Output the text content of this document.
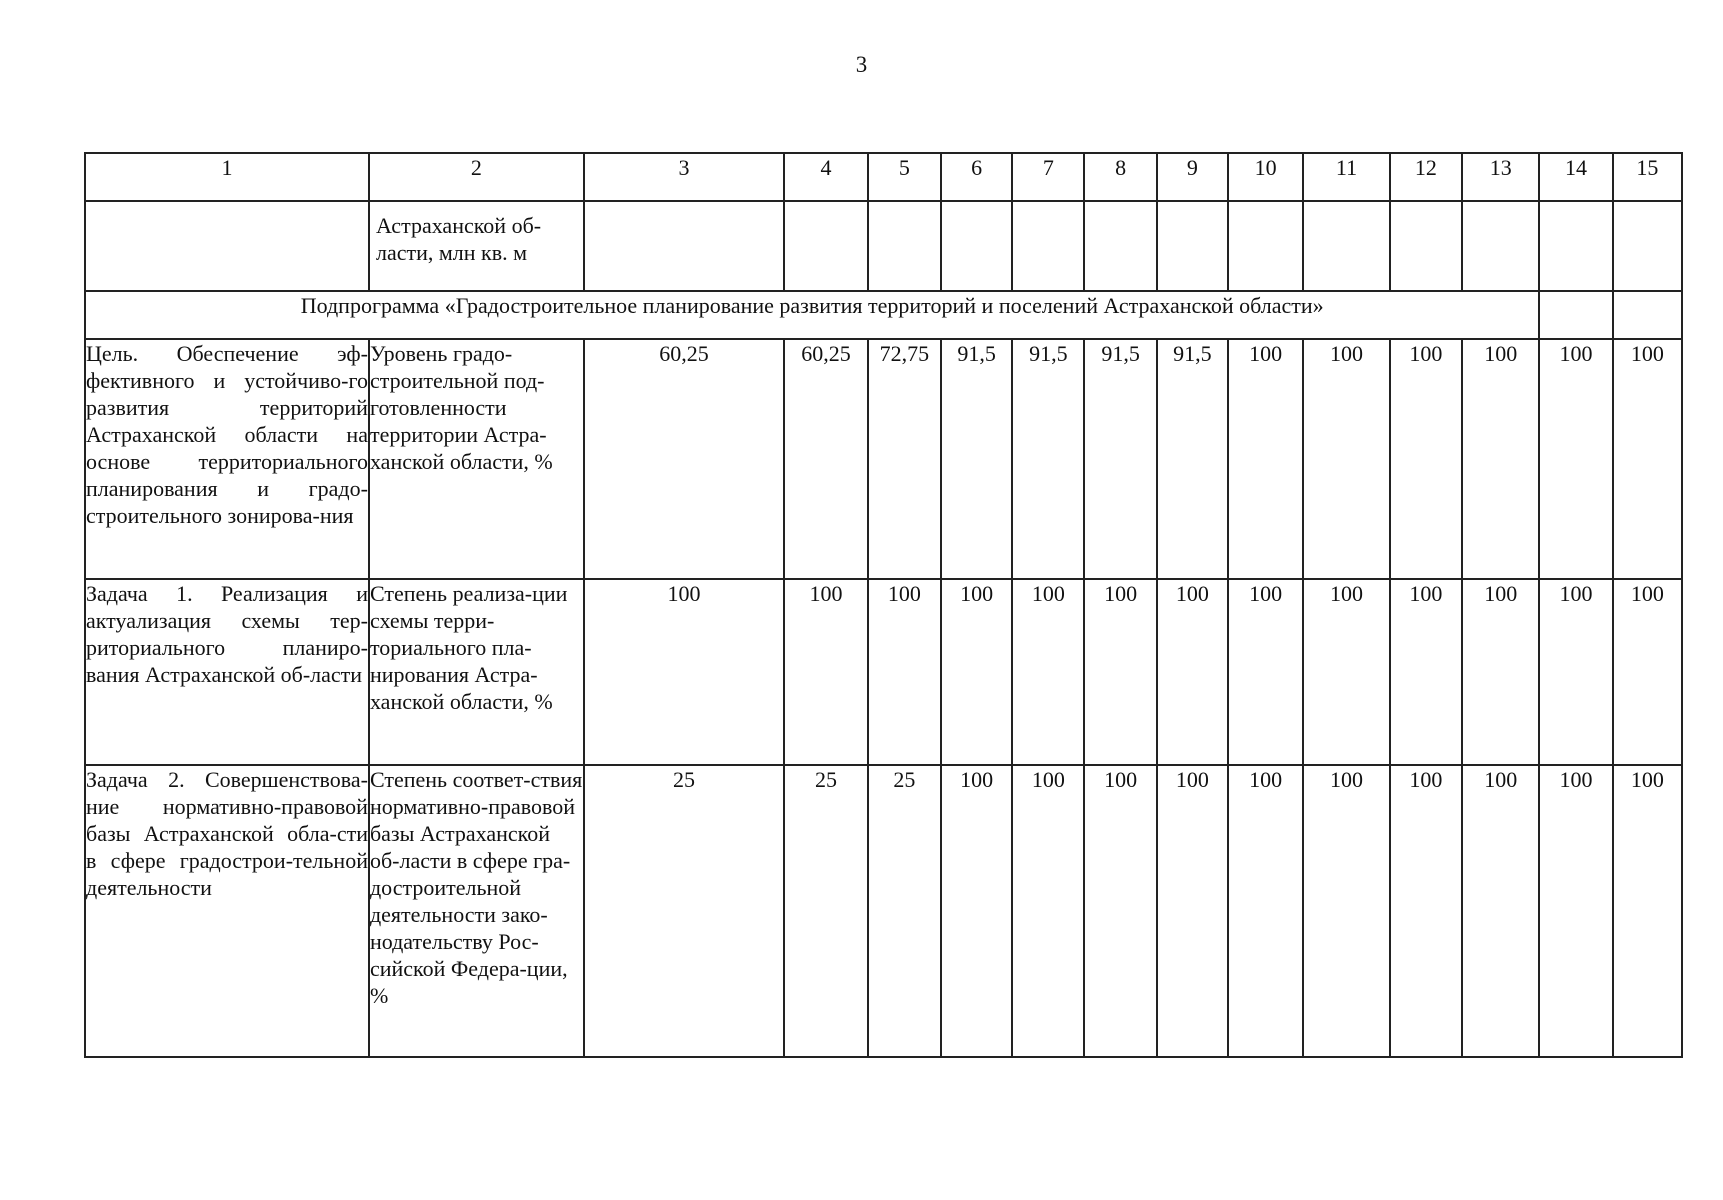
3
1	2	3	4	5	6	7	8	9	10	11	12	13	14	15
	Астраханской об-ласти, млн кв. м													
Подпрограмма «Градостроительное планирование развития территорий и поселений Астраханской области»														
Цель. Обеспечение эф-фективного и устойчиво-го развития территорий Астраханской области на основе территориального планирования и градо-строительного зонирова-ния	Уровень градо-строительной под-готовленности территории Астра-ханской области, %	60,25	60,25	72,75	91,5	91,5	91,5	91,5	100	100	100	100	100	100
Задача 1. Реализация и актуализация схемы тер-риториального планиро-вания Астраханской об-ласти	Степень реализа-ции схемы терри-ториального пла-нирования Астра-ханской области, %	100	100	100	100	100	100	100	100	100	100	100	100	100
Задача 2. Совершенствова-ние нормативно-правовой базы Астраханской обла-сти в сфере градострои-тельной деятельности	Степень соответ-ствия нормативно-правовой базы Астраханской об-ласти в сфере гра-достроительной деятельности зако-нодательству Рос-сийской Федера-ции, %	25	25	25	100	100	100	100	100	100	100	100	100	100
